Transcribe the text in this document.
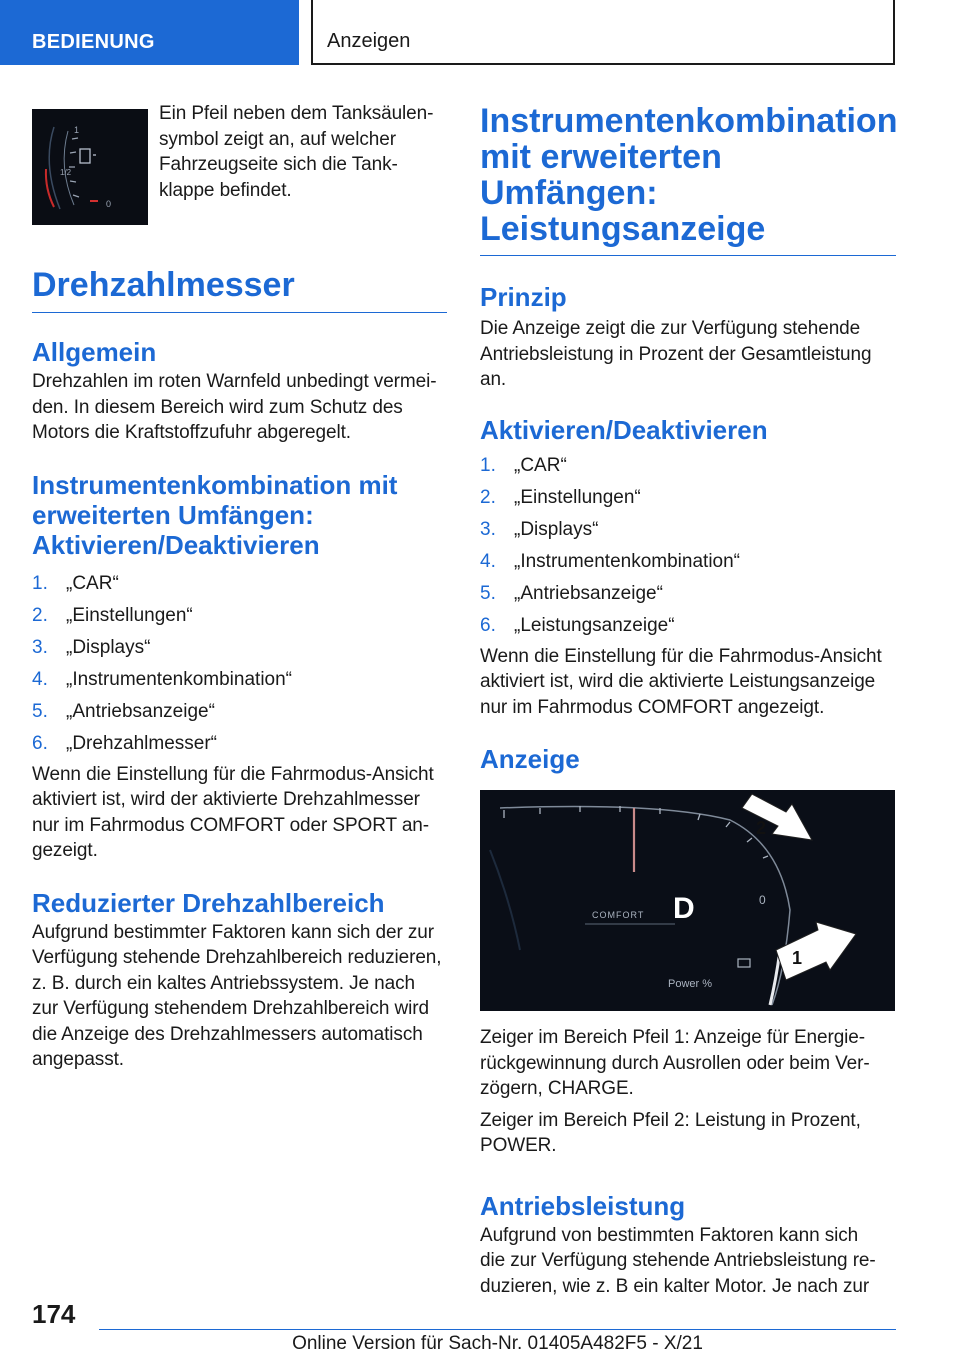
BEDIENUNG	Anzeigen
1
1/2
0

Ein Pfeil neben dem Tanksäulen-
symbol zeigt an, auf welcher
Fahrzeugseite sich die Tank-
klappe befindet.

Drehzahlmesser
Allgemein

Drehzahlen im roten Warnfeld unbedingt vermei-
den. In diesem Bereich wird zum Schutz des
Motors die Kraftstoffzufuhr abgeregelt.

Instrumentenkombination mit
erweiterten Umfängen:
Aktivieren/Deaktivieren
1. „CAR“
2. „Einstellungen“
3. „Displays“
4. „Instrumentenkombination“
5. „Antriebsanzeige“
6. „Drehzahlmesser“

Wenn die Einstellung für die Fahrmodus-Ansicht
aktiviert ist, wird der aktivierte Drehzahlmesser
nur im Fahrmodus COMFORT oder SPORT an-
gezeigt.

Reduzierter Drehzahlbereich

Aufgrund bestimmter Faktoren kann sich der zur
Verfügung stehende Drehzahlbereich reduzieren,
z. B. durch ein kaltes Antriebssystem. Je nach
zur Verfügung stehendem Drehzahlbereich wird
die Anzeige des Drehzahlmessers automatisch
angepasst.

Instrumentenkombination
mit erweiterten Umfängen:
Leistungsanzeige
Prinzip

Die Anzeige zeigt die zur Verfügung stehende
Antriebsleistung in Prozent der Gesamtleistung
an.

Aktivieren/Deaktivieren
1. „CAR“
2. „Einstellungen“
3. „Displays“
4. „Instrumentenkombination“
5. „Antriebsanzeige“
6. „Leistungsanzeige“

Wenn die Einstellung für die Fahrmodus-Ansicht
aktiviert ist, wird die aktivierte Leistungsanzeige
nur im Fahrmodus COMFORT angezeigt.

Anzeige
D
COMFORT
Power %
0
2
1

Zeiger im Bereich Pfeil 1: Anzeige für Energie-
rückgewinnung durch Ausrollen oder beim Ver-
zögern, CHARGE.

Zeiger im Bereich Pfeil 2: Leistung in Prozent,
POWER.

Antriebsleistung

Aufgrund von bestimmten Faktoren kann sich
die zur Verfügung stehende Antriebsleistung re-
duzieren, wie z. B ein kalter Motor. Je nach zur

174
Online Version für Sach-Nr. 01405A482F5 - X/21
